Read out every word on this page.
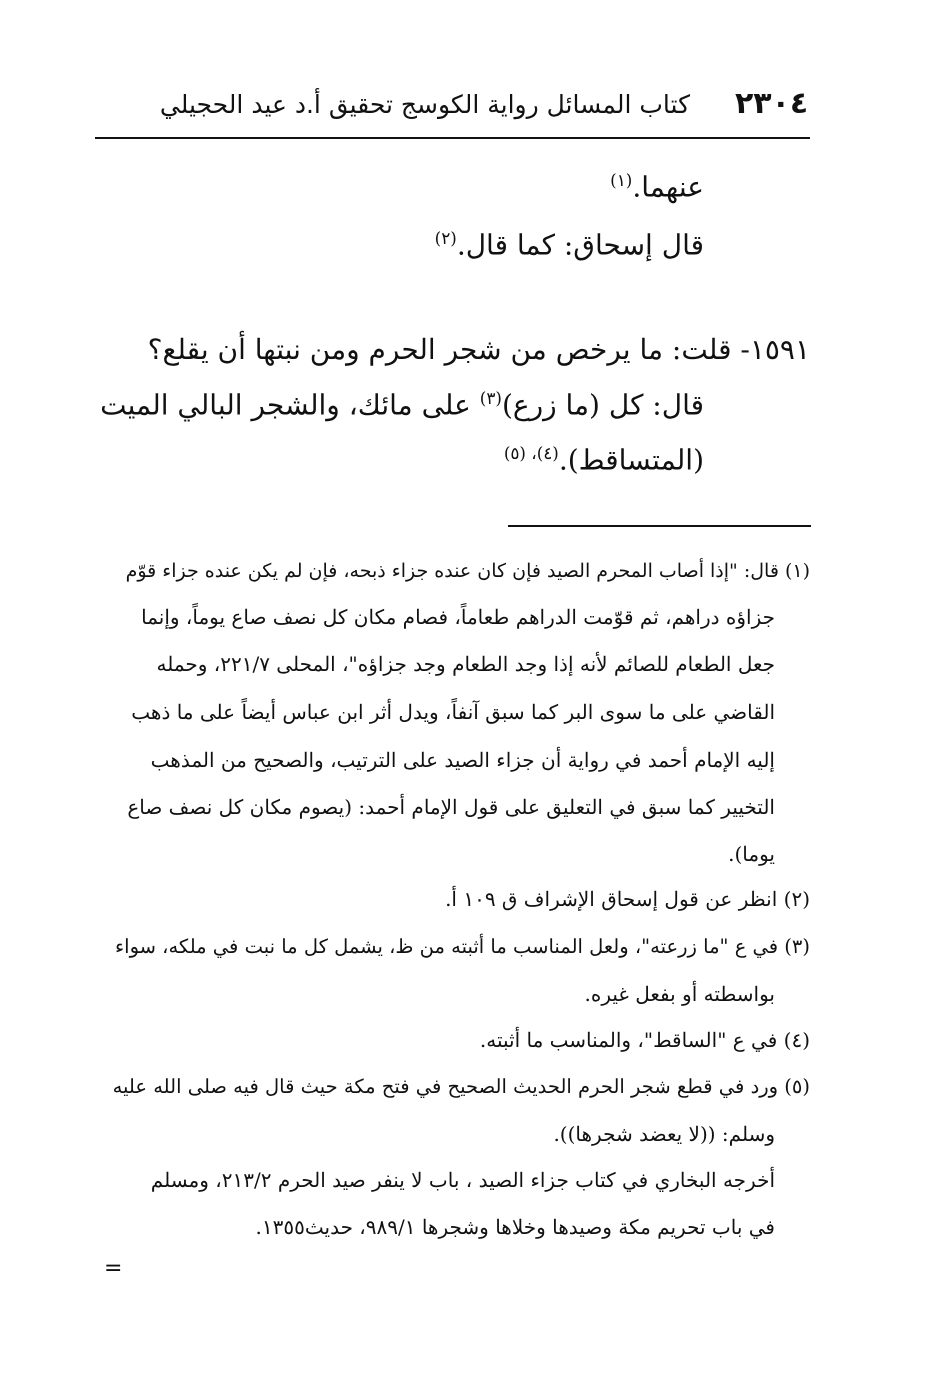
٢٣٠٤
كتاب المسائل رواية الكوسج تحقيق أ.د عيد الحجيلي
عنهما.$^{(١)}$
قال إسحاق: كما قال.$^{(٢)}$
١٥٩١- قلت: ما يرخص من شجر الحرم ومن نبتها أن يقلع؟
قال: كل (ما زرع)$^{(٣)}$ على مائك، والشجر البالي الميت
(المتساقط).$^{(٤)، (٥)}$
(١) قال: "إذا أصاب المحرم الصيد فإن كان عنده جزاء ذبحه، فإن لم يكن عنده جزاء قوّم
جزاؤه دراهم، ثم قوّمت الدراهم طعاماً، فصام مكان كل نصف صاع يوماً، وإنما
جعل الطعام للصائم لأنه إذا وجد الطعام وجد جزاؤه"، المحلى ٢٢١/٧، وحمله
القاضي على ما سوى البر كما سبق آنفاً، ويدل أثر ابن عباس أيضاً على ما ذهب
إليه الإمام أحمد في رواية أن جزاء الصيد على الترتيب، والصحيح من المذهب
التخيير كما سبق في التعليق على قول الإمام أحمد: (يصوم مكان كل نصف صاع
يوما).
(٢) انظر عن قول إسحاق الإشراف ق ١٠٩ أ.
(٣) في ع "ما زرعته"، ولعل المناسب ما أثبته من ظ، يشمل كل ما نبت في ملكه، سواء
بواسطته أو بفعل غيره.
(٤) في ع "الساقط"، والمناسب ما أثبته.
(٥) ورد في قطع شجر الحرم الحديث الصحيح في فتح مكة حيث قال فيه صلى الله عليه
وسلم: ((لا يعضد شجرها)).
أخرجه البخاري في كتاب جزاء الصيد ، باب لا ينفر صيد الحرم ٢١٣/٢، ومسلم
في باب تحريم مكة وصيدها وخلاها وشجرها ٩٨٩/١، حديث١٣٥٥.
=
